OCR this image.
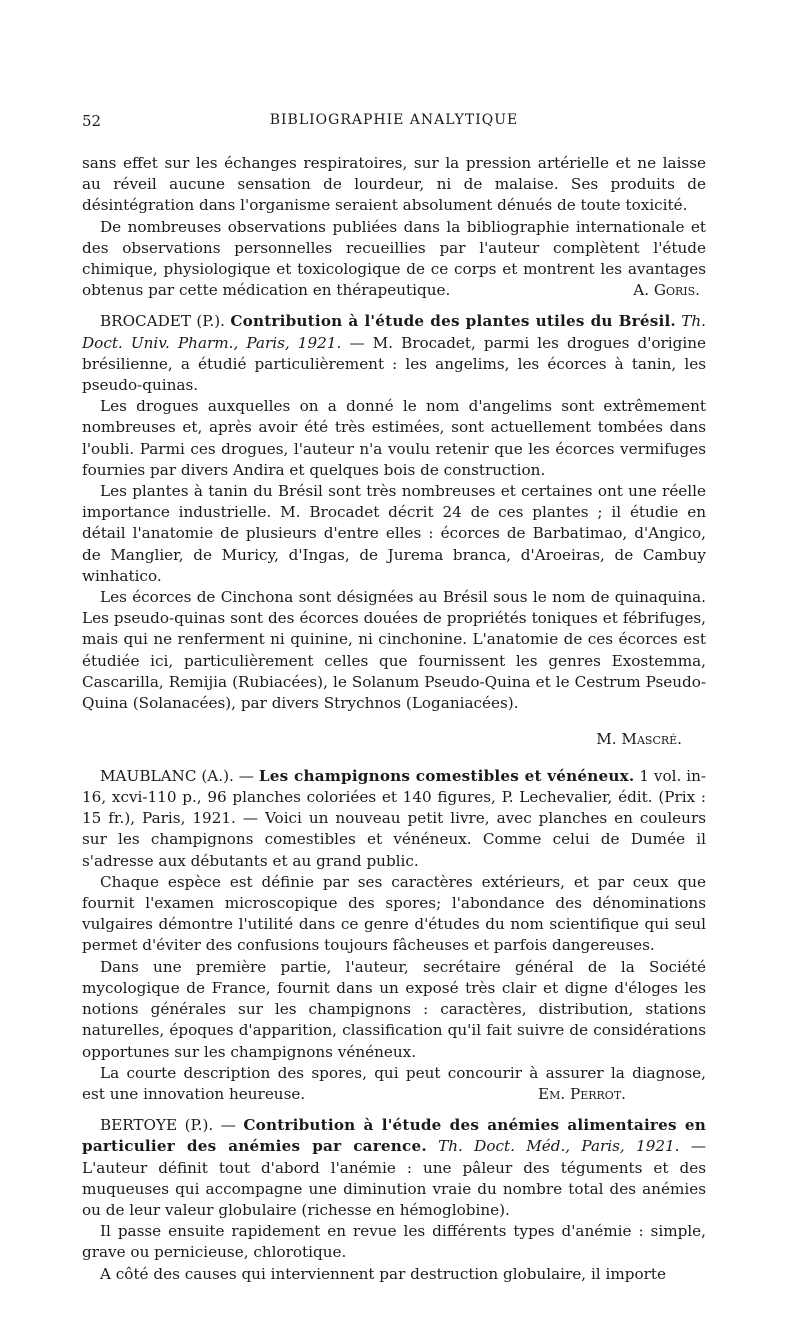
52	BIBLIOGRAPHIE ANALYTIQUE

sans effet sur les échanges respiratoires, sur la pression artérielle et ne laisse au réveil aucune sensation de lourdeur, ni de malaise. Ses produits de désintégration dans l'organisme seraient absolument dénués de toute toxicité.

De nombreuses observations publiées dans la bibliographie internationale et des observations personnelles recueillies par l'auteur complètent l'étude chimique, physiologique et toxicologique de ce corps et montrent les avantages obtenus par cette médication en thérapeutique.	A. Goris.

BROCADET (P.). Contribution à l'étude des plantes utiles du Brésil. Th. Doct. Univ. Pharm., Paris, 1921. — M. Brocadet, parmi les drogues d'origine brésilienne, a étudié particulièrement : les angelims, les écorces à tanin, les pseudo-quinas.

Les drogues auxquelles on a donné le nom d'angelims sont extrêmement nombreuses et, après avoir été très estimées, sont actuellement tombées dans l'oubli. Parmi ces drogues, l'auteur n'a voulu retenir que les écorces vermifuges fournies par divers Andira et quelques bois de construction.

Les plantes à tanin du Brésil sont très nombreuses et certaines ont une réelle importance industrielle. M. Brocadet décrit 24 de ces plantes ; il étudie en détail l'anatomie de plusieurs d'entre elles : écorces de Barbatimao, d'Angico, de Manglier, de Muricy, d'Ingas, de Jurema branca, d'Aroeiras, de Cambuy winhatico.

Les écorces de Cinchona sont désignées au Brésil sous le nom de quinaquina. Les pseudo-quinas sont des écorces douées de propriétés toniques et fébrifuges, mais qui ne renferment ni quinine, ni cinchonine. L'anatomie de ces écorces est étudiée ici, particulièrement celles que fournissent les genres Exostemma, Cascarilla, Remijia (Rubiacées), le Solanum Pseudo-Quina et le Cestrum Pseudo-Quina (Solanacées), par divers Strychnos (Loganiacées).

M. Mascré.

MAUBLANC (A.). — Les champignons comestibles et vénéneux. 1 vol. in-16, xcvi-110 p., 96 planches coloriées et 140 figures, P. Lechevalier, édit. (Prix : 15 fr.), Paris, 1921. — Voici un nouveau petit livre, avec planches en couleurs sur les champignons comestibles et vénéneux. Comme celui de Dumée il s'adresse aux débutants et au grand public.

Chaque espèce est définie par ses caractères extérieurs, et par ceux que fournit l'examen microscopique des spores; l'abondance des dénominations vulgaires démontre l'utilité dans ce genre d'études du nom scientifique qui seul permet d'éviter des confusions toujours fâcheuses et parfois dangereuses.

Dans une première partie, l'auteur, secrétaire général de la Société mycologique de France, fournit dans un exposé très clair et digne d'éloges les notions générales sur les champignons : caractères, distribution, stations naturelles, époques d'apparition, classification qu'il fait suivre de considérations opportunes sur les champignons vénéneux.

La courte description des spores, qui peut concourir à assurer la diagnose, est une innovation heureuse.	Em. Perrot.

BERTOYE (P.). — Contribution à l'étude des anémies alimentaires en particulier des anémies par carence. Th. Doct. Méd., Paris, 1921. — L'auteur définit tout d'abord l'anémie : une pâleur des téguments et des muqueuses qui accompagne une diminution vraie du nombre total des anémies ou de leur valeur globulaire (richesse en hémoglobine).

Il passe ensuite rapidement en revue les différents types d'anémie : simple, grave ou pernicieuse, chlorotique.

A côté des causes qui interviennent par destruction globulaire, il importe
